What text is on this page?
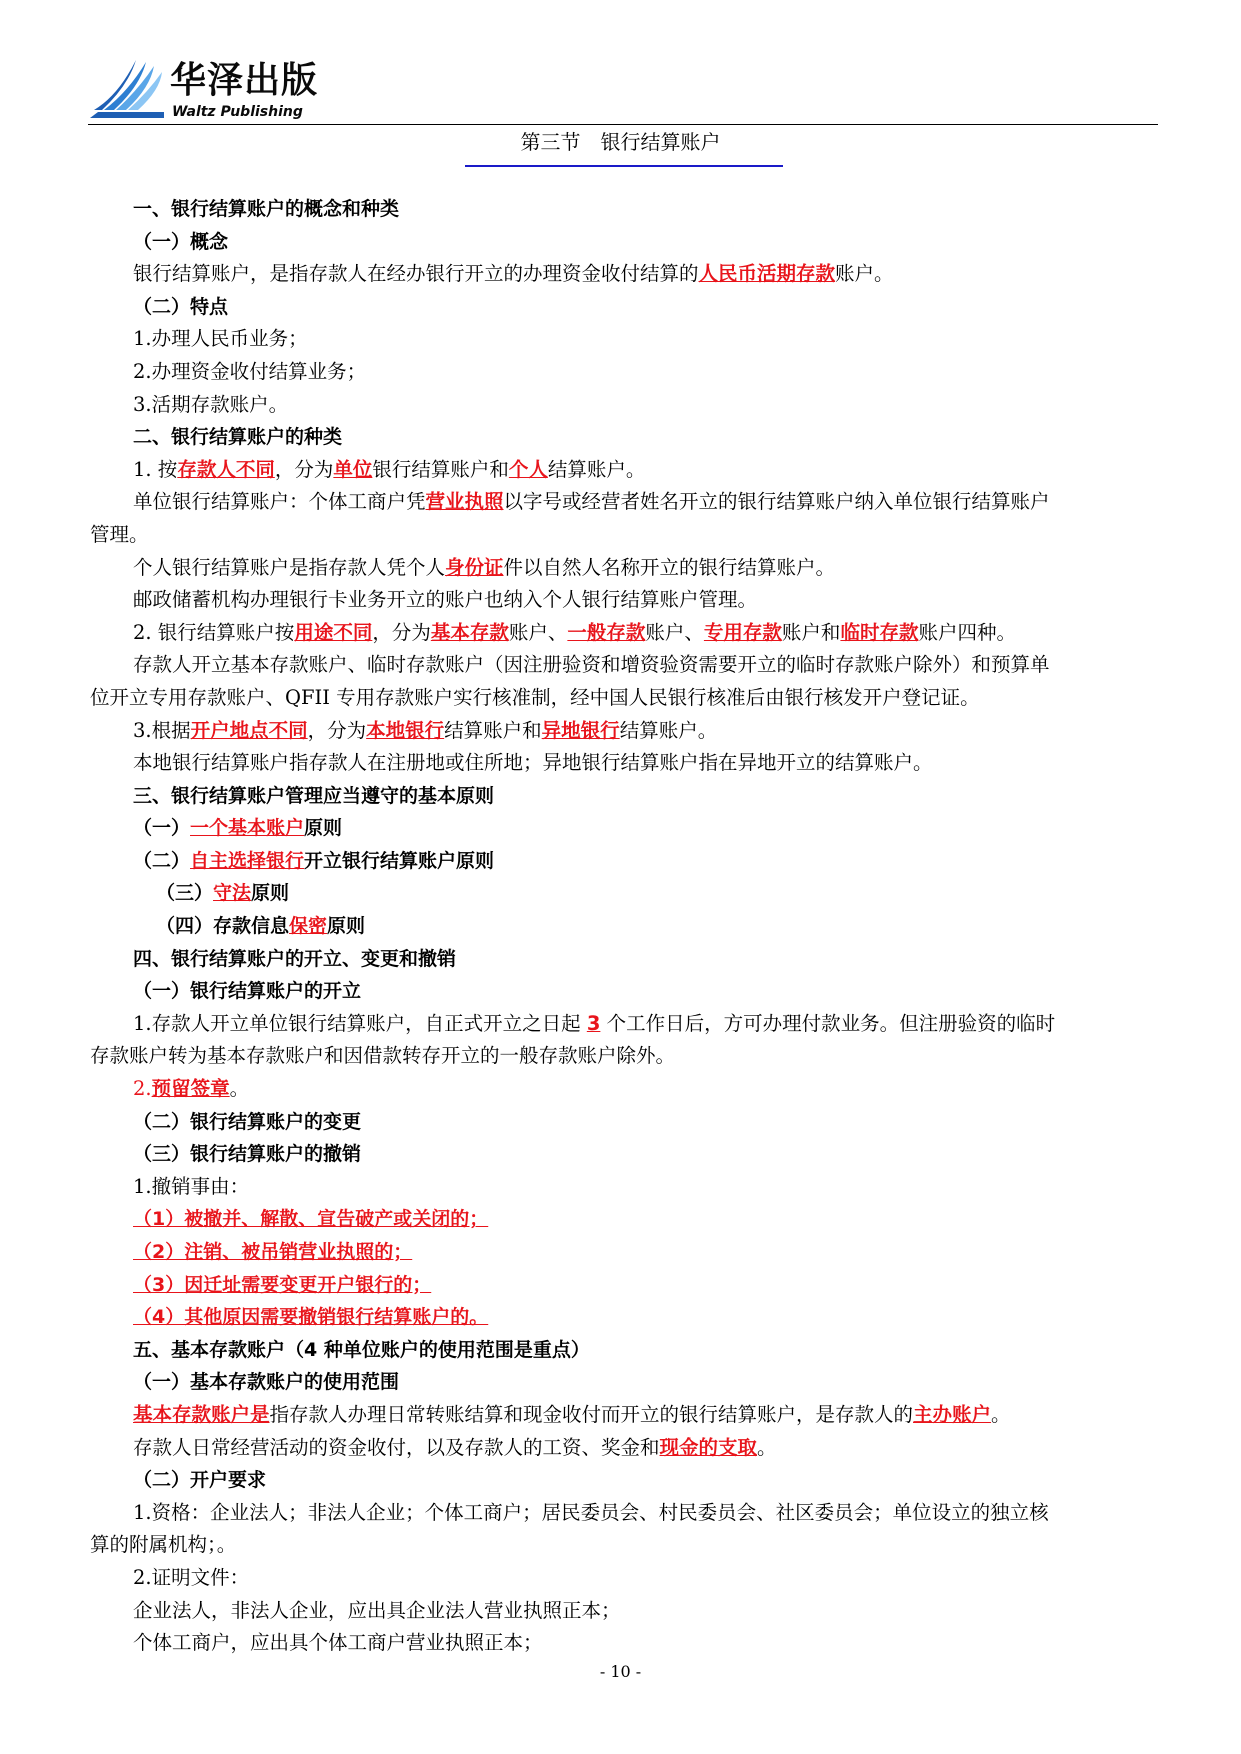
华泽出版
Waltz Publishing
第三节　银行结算账户
一、银行结算账户的概念和种类
（一）概念
银行结算账户，是指存款人在经办银行开立的办理资金收付结算的人民币活期存款账户。
（二）特点
1.办理人民币业务；
2.办理资金收付结算业务；
3.活期存款账户。
二、银行结算账户的种类
1. 按存款人不同，分为单位银行结算账户和个人结算账户。
单位银行结算账户：个体工商户凭营业执照以字号或经营者姓名开立的银行结算账户纳入单位银行结算账户
管理。
个人银行结算账户是指存款人凭个人身份证件以自然人名称开立的银行结算账户。
邮政储蓄机构办理银行卡业务开立的账户也纳入个人银行结算账户管理。
2. 银行结算账户按用途不同，分为基本存款账户、一般存款账户、专用存款账户和临时存款账户四种。
存款人开立基本存款账户、临时存款账户（因注册验资和增资验资需要开立的临时存款账户除外）和预算单
位开立专用存款账户、QFII 专用存款账户实行核准制，经中国人民银行核准后由银行核发开户登记证。
3.根据开户地点不同，分为本地银行结算账户和异地银行结算账户。
本地银行结算账户指存款人在注册地或住所地；异地银行结算账户指在异地开立的结算账户。
三、银行结算账户管理应当遵守的基本原则
（一）一个基本账户原则
（二）自主选择银行开立银行结算账户原则
（三）守法原则
（四）存款信息保密原则
四、银行结算账户的开立、变更和撤销
（一）银行结算账户的开立
1.存款人开立单位银行结算账户，自正式开立之日起 3 个工作日后，方可办理付款业务。但注册验资的临时
存款账户转为基本存款账户和因借款转存开立的一般存款账户除外。
2.预留签章。
（二）银行结算账户的变更
（三）银行结算账户的撤销
1.撤销事由：
（1）被撤并、解散、宣告破产或关闭的；
（2）注销、被吊销营业执照的；
（3）因迁址需要变更开户银行的；
（4）其他原因需要撤销银行结算账户的。
五、基本存款账户（4 种单位账户的使用范围是重点）
（一）基本存款账户的使用范围
基本存款账户是指存款人办理日常转账结算和现金收付而开立的银行结算账户，是存款人的主办账户。
存款人日常经营活动的资金收付，以及存款人的工资、奖金和现金的支取。
（二）开户要求
1.资格：企业法人；非法人企业；个体工商户；居民委员会、村民委员会、社区委员会；单位设立的独立核
算的附属机构；。
2.证明文件：
企业法人，非法人企业，应出具企业法人营业执照正本；
个体工商户，应出具个体工商户营业执照正本；
- 10 -
